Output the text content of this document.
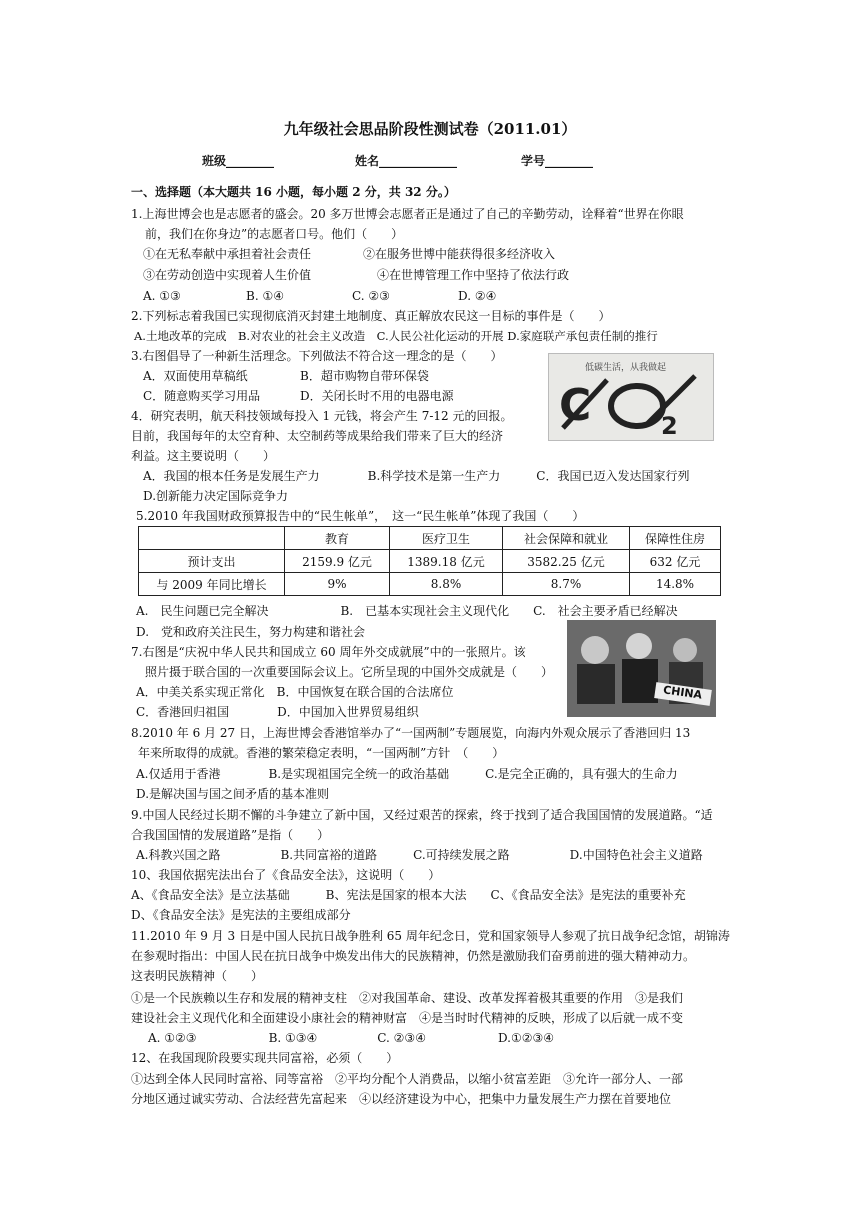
九年级社会思品阶段性测试卷（2011.01）
班级________	姓名_____________	学号________
一、选择题（本大题共 16 小题，每小题 2 分，共 32 分。）
1.上海世博会也是志愿者的盛会。20 多万世博会志愿者正是通过了自己的辛勤劳动，诠释着“世界在你眼
前，我们在你身边”的志愿者口号。他们（　　）
①在无私奉献中承担着社会责任	②在服务世博中能获得很多经济收入
③在劳动创造中实现着人生价值	④在世博管理工作中坚持了依法行政
A. ①③	B. ①④	C. ②③	D. ②④
2.下列标志着我国已实现彻底消灭封建土地制度、真正解放农民这一目标的事件是（　　）
A.土地改革的完成　B.对农业的社会主义改造　C.人民公社化运动的开展 D.家庭联产承包责任制的推行
3.右图倡导了一种新生活理念。下列做法不符合这一理念的是（　　）
A．双面使用草稿纸	B．超市购物自带环保袋
C．随意购买学习用品	D．关闭长时不用的电器电源
低碳生活，从我做起
C	2
4．研究表明，航天科技领域每投入 1 元钱，将会产生 7-12 元的回报。
目前，我国每年的太空育种、太空制药等成果给我们带来了巨大的经济
利益。这主要说明（　　）
A．我国的根本任务是发展生产力　　　　B.科学技术是第一生产力　　　C．我国已迈入发达国家行列
D.创新能力决定国际竞争力
5.2010 年我国财政预算报告中的“民生帐单”，　这一“民生帐单”体现了我国（　　）
	教育	医疗卫生	社会保障和就业	保障性住房
预计支出	2159.9 亿元	1389.18 亿元	3582.25 亿元	632 亿元
与 2009 年同比增长	9%	8.8%	8.7%	14.8%
A.　民生问题已完全解决　　　　　　B.　已基本实现社会主义现代化　　C.　社会主要矛盾已经解决
D.　党和政府关注民生，努力构建和谐社会
CHINA
7.右图是“庆祝中华人民共和国成立 60 周年外交成就展”中的一张照片。该
照片摄于联合国的一次重要国际会议上。它所呈现的中国外交成就是（　　）
A．中美关系实现正常化　B．中国恢复在联合国的合法席位
C．香港回归祖国　　　　D．中国加入世界贸易组织
8.2010 年 6 月 27 日，上海世博会香港馆举办了“一国两制”专题展览，向海内外观众展示了香港回归 13
年来所取得的成就。香港的繁荣稳定表明，“一国两制”方针　（　　）
A.仅适用于香港　　　　B.是实现祖国完全统一的政治基础　　　C.是完全正确的，具有强大的生命力
D.是解决国与国之间矛盾的基本准则
9.中国人民经过长期不懈的斗争建立了新中国，又经过艰苦的探索，终于找到了适合我国国情的发展道路。“适
合我国国情的发展道路”是指（　　）
A.科教兴国之路　　　　　B.共同富裕的道路　　　C.可持续发展之路　　　　　D.中国特色社会主义道路
10、我国依据宪法出台了《食品安全法》，这说明（　　）
A、《食品安全法》是立法基础　　　B、宪法是国家的根本大法　　C、《食品安全法》是宪法的重要补充
D、《食品安全法》是宪法的主要组成部分
11.2010 年 9 月 3 日是中国人民抗日战争胜利 65 周年纪念日，党和国家领导人参观了抗日战争纪念馆，胡锦涛
在参观时指出：中国人民在抗日战争中焕发出伟大的民族精神，仍然是激励我们奋勇前进的强大精神动力。
这表明民族精神（　　）
①是一个民族赖以生存和发展的精神支柱　②对我国革命、建设、改革发挥着极其重要的作用　③是我们
建设社会主义现代化和全面建设小康社会的精神财富　④是当时时代精神的反映，形成了以后就一成不变
A. ①②③　　　　　　B. ①③④　　　　　C. ②③④　　　　　　D.①②③④
12、在我国现阶段要实现共同富裕，必须（　　）
①达到全体人民同时富裕、同等富裕　②平均分配个人消费品，以缩小贫富差距　③允许一部分人、一部
分地区通过诚实劳动、合法经营先富起来　④以经济建设为中心，把集中力量发展生产力摆在首要地位
